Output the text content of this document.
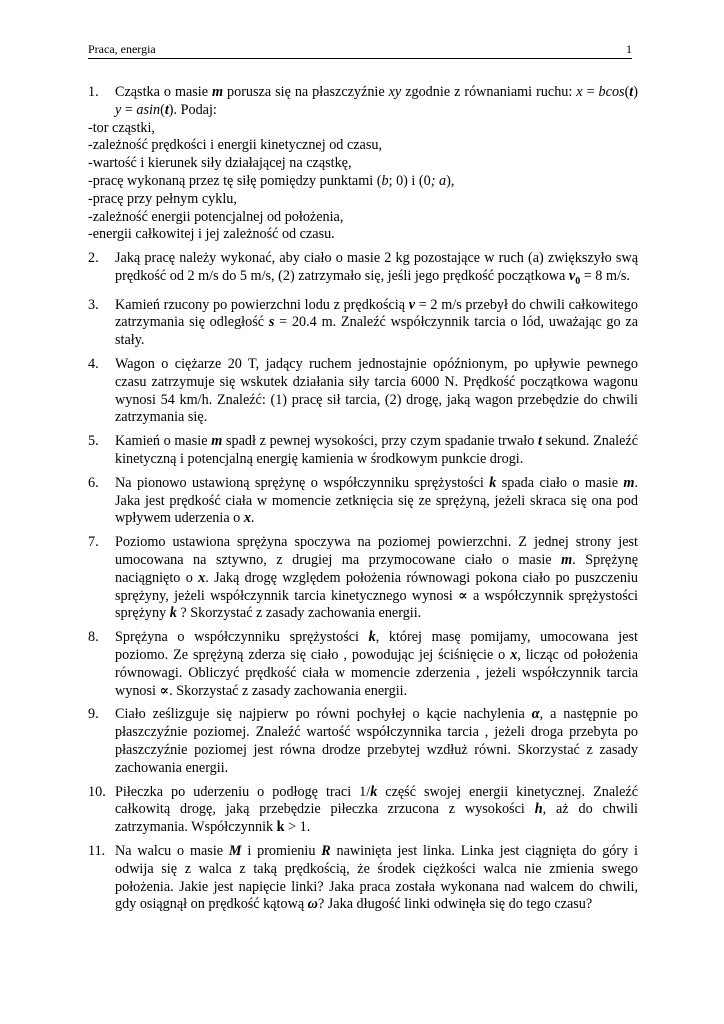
Praca, energia	1
1. Cząstka o masie m porusza się na płaszczyźnie xy zgodnie z równaniami ruchu: x = bcos(t) y = asin(t). Podaj:

-tor cząstki,

-zależność prędkości i energii kinetycznej od czasu,

-wartość i kierunek siły działającej na cząstkę,

-pracę wykonaną przez tę siłę pomiędzy punktami (b; 0) i (0; a),

-pracę przy pełnym cyklu,

-zależność energii potencjalnej od położenia,

-energii całkowitej i jej zależność od czasu.

2. Jaką pracę należy wykonać, aby ciało o masie 2 kg pozostające w ruch (a) zwiększyło swą prędkość od 2 m/s do 5 m/s, (2) zatrzymało się, jeśli jego prędkość początkowa $v_0 = 8$ m/s.
3. Kamień rzucony po powierzchni lodu z prędkością v = 2 m/s przebył do chwili całkowitego zatrzymania się odległość s = 20.4 m. Znaleźć współczynnik tarcia o lód, uważając go za stały.
4. Wagon o ciężarze 20 T, jadący ruchem jednostajnie opóźnionym, po upływie pewnego czasu zatrzymuje się wskutek działania siły tarcia 6000 N. Prędkość początkowa wagonu wynosi 54 km/h. Znaleźć: (1) pracę sił tarcia, (2) drogę, jaką wagon przebędzie do chwili zatrzymania się.
5. Kamień o masie m spadł z pewnej wysokości, przy czym spadanie trwało t sekund. Znaleźć kinetyczną i potencjalną energię kamienia w środkowym punkcie drogi.
6. Na pionowo ustawioną sprężynę o współczynniku sprężystości k spada ciało o masie m. Jaka jest prędkość ciała w momencie zetknięcia się ze sprężyną, jeżeli skraca się ona pod wpływem uderzenia o x.
7. Poziomo ustawiona sprężyna spoczywa na poziomej powierzchni. Z jednej strony jest umocowana na sztywno, z drugiej ma przymocowane ciało o masie m. Sprężynę naciągnięto o x. Jaką drogę względem położenia równowagi pokona ciało po puszczeniu sprężyny, jeżeli współczynnik tarcia kinetycznego wynosi ∝ a współczynnik sprężystości sprężyny k ? Skorzystać z zasady zachowania energii.
8. Sprężyna o współczynniku sprężystości k, której masę pomijamy, umocowana jest poziomo. Ze sprężyną zderza się ciało , powodując jej ściśnięcie o x, licząc od położenia równowagi. Obliczyć prędkość ciała w momencie zderzenia , jeżeli współczynnik tarcia wynosi ∝. Skorzystać z zasady zachowania energii.
9. Ciało ześlizguje się najpierw po równi pochyłej o kącie nachylenia α, a następnie po płaszczyźnie poziomej. Znaleźć wartość współczynnika tarcia , jeżeli droga przebyta po płaszczyźnie poziomej jest równa drodze przebytej wzdłuż równi. Skorzystać z zasady zachowania energii.
10. Piłeczka po uderzeniu o podłogę traci 1/k część swojej energii kinetycznej. Znaleźć całkowitą drogę, jaką przebędzie piłeczka zrzucona z wysokości h, aż do chwili zatrzymania. Współczynnik k > 1.
11. Na walcu o masie M i promieniu R nawinięta jest linka. Linka jest ciągnięta do góry i odwija się z walca z taką prędkością, że środek ciężkości walca nie zmienia swego położenia. Jakie jest napięcie linki? Jaka praca została wykonana nad walcem do chwili, gdy osiągnął on prędkość kątową ω? Jaka długość linki odwinęła się do tego czasu?
